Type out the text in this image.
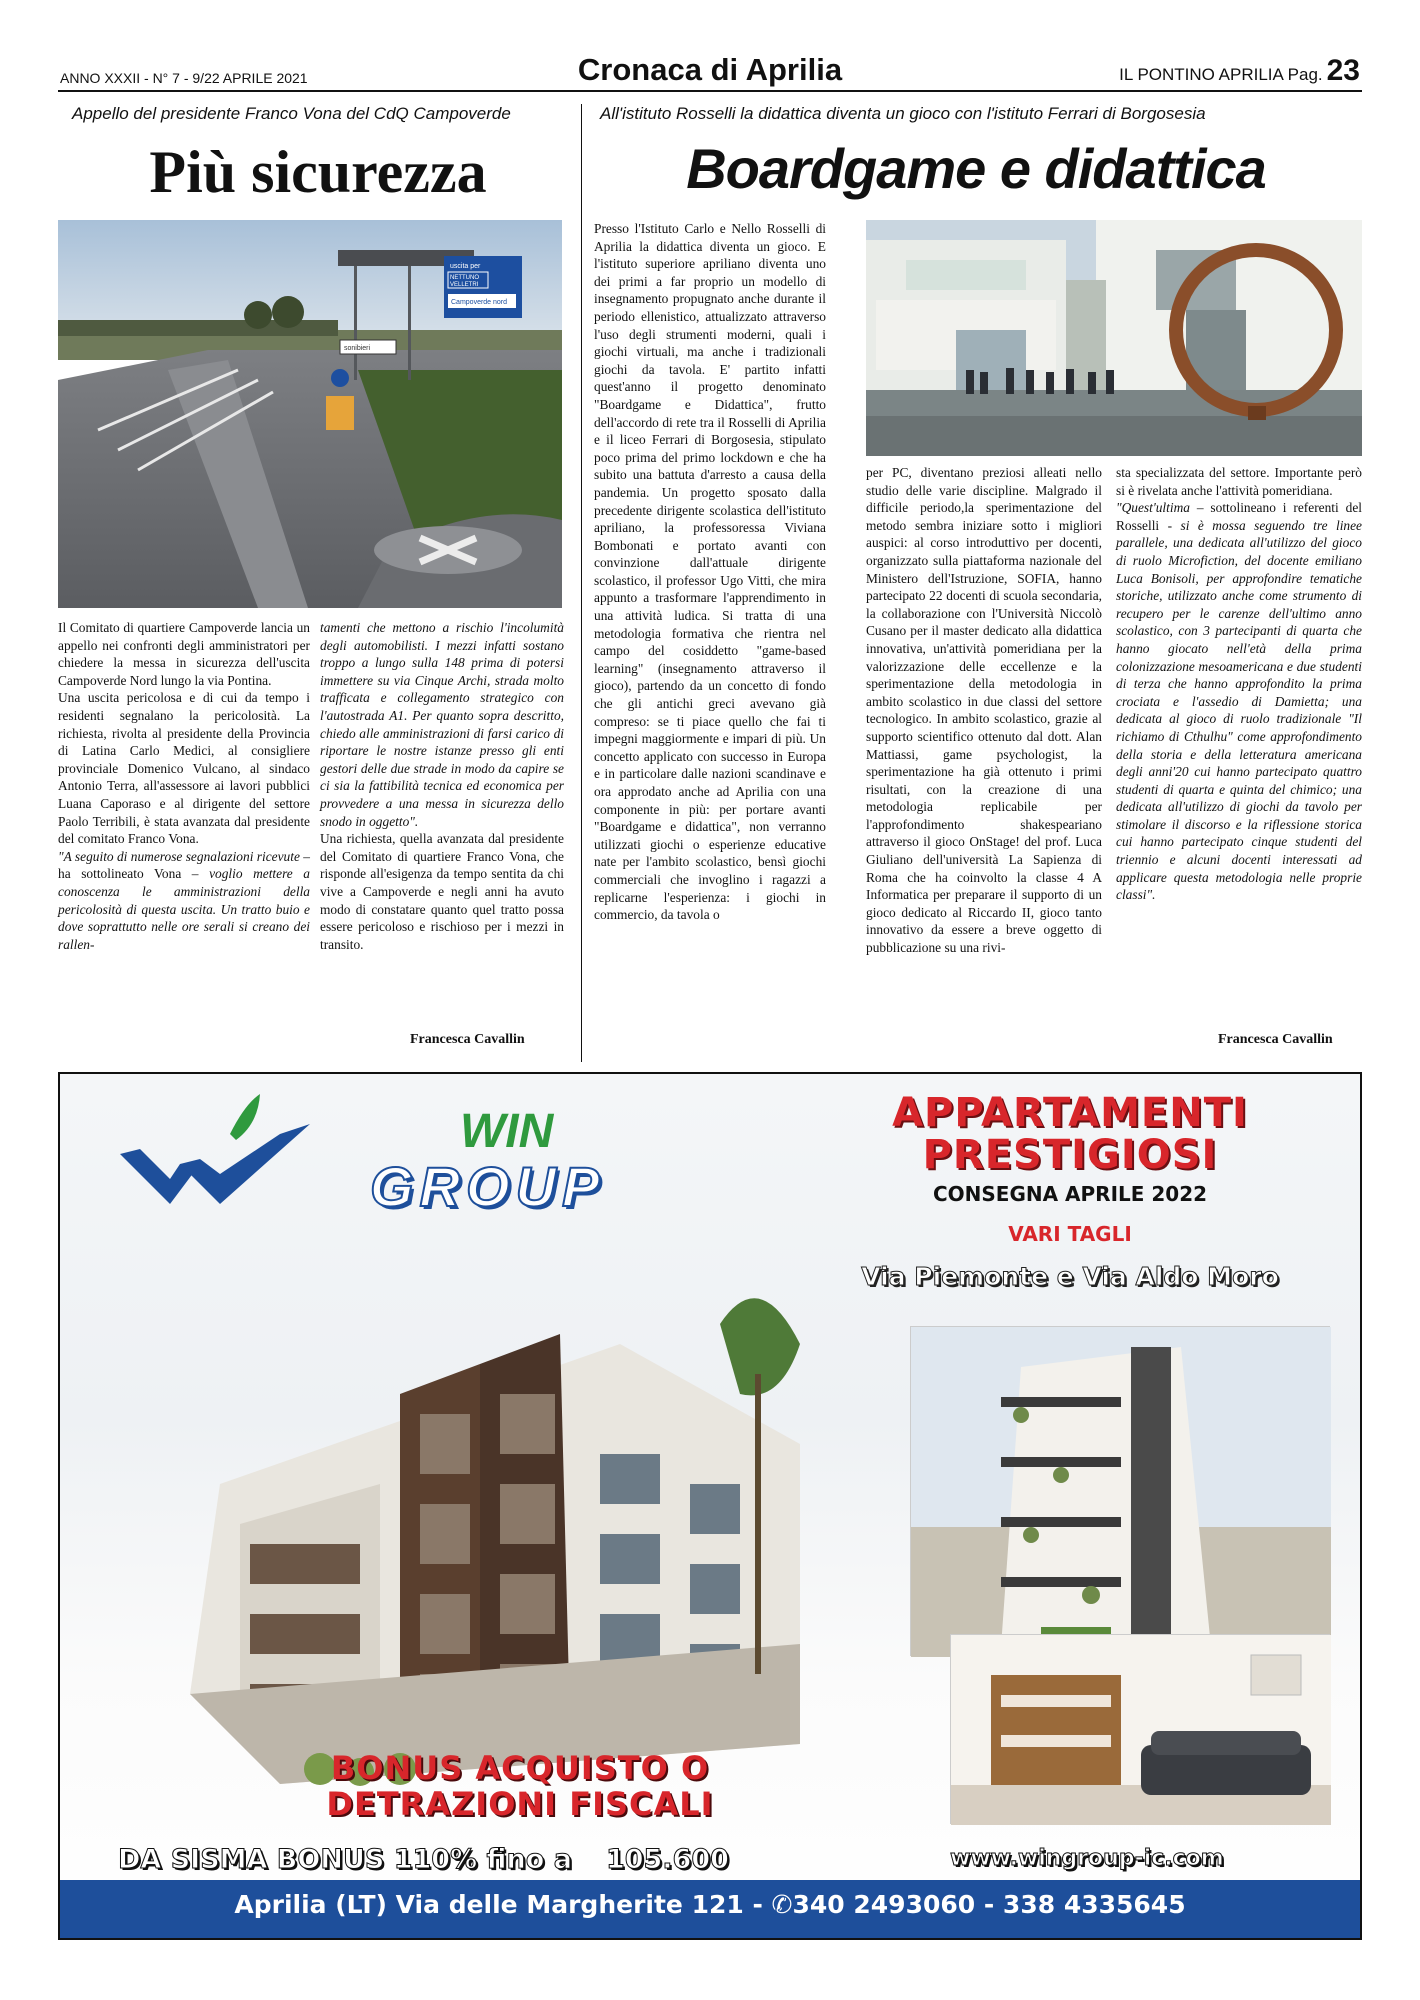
ANNO XXXII - N° 7 - 9/22 APRILE 2021	Cronaca di Aprilia	IL PONTINO APRILIA Pag. 23
Appello del presidente Franco Vona del CdQ Campoverde
Più sicurezza
uscita per
NETTUNO
VELLETRI
Campoverde nord
sonibieri

Il Comitato di quartiere Campoverde lancia un appello nei confronti degli amministratori per chiedere la messa in sicurezza dell'uscita Campoverde Nord lungo la via Pontina.

Una uscita pericolosa e di cui da tempo i residenti segnalano la pericolosità. La richiesta, rivolta al presidente della Provincia di Latina Carlo Medici, al consigliere provinciale Domenico Vulcano, al sindaco Antonio Terra, all'assessore ai lavori pubblici Luana Caporaso e al dirigente del settore Paolo Terribili, è stata avanzata dal presidente del comitato Franco Vona.

"A seguito di numerose segnalazioni ricevute – ha sottolineato Vona – voglio mettere a conoscenza le amministrazioni della pericolosità di questa uscita. Un tratto buio e dove soprattutto nelle ore serali si creano dei rallen-

tamenti che mettono a rischio l'incolumità degli automobilisti. I mezzi infatti sostano troppo a lungo sulla 148 prima di potersi immettere su via Cinque Archi, strada molto trafficata e collegamento strategico con l'autostrada A1. Per quanto sopra descritto, chiedo alle amministrazioni di farsi carico di riportare le nostre istanze presso gli enti gestori delle due strade in modo da capire se ci sia la fattibilità tecnica ed economica per provvedere a una messa in sicurezza dello snodo in oggetto".

Una richiesta, quella avanzata dal presidente del Comitato di quartiere Franco Vona, che risponde all'esigenza da tempo sentita da chi vive a Campoverde e negli anni ha avuto modo di constatare quanto quel tratto possa essere pericoloso e rischioso per i mezzi in transito.

Francesca Cavallin
All'istituto Rosselli la didattica diventa un gioco con l'istituto Ferrari di Borgosesia
Boardgame e didattica

Presso l'Istituto Carlo e Nello Rosselli di Aprilia la didattica diventa un gioco. E l'istituto superiore apriliano diventa uno dei primi a far proprio un modello di insegnamento propugnato anche durante il periodo ellenistico, attualizzato attraverso l'uso degli strumenti moderni, quali i giochi virtuali, ma anche i tradizionali giochi da tavola. E' partito infatti quest'anno il progetto denominato "Boardgame e Didattica", frutto dell'accordo di rete tra il Rosselli di Aprilia e il liceo Ferrari di Borgosesia, stipulato poco prima del primo lockdown e che ha subito una battuta d'arresto a causa della pandemia. Un progetto sposato dalla precedente dirigente scolastica dell'istituto apriliano, la professoressa Viviana Bombonati e portato avanti con convinzione dall'attuale dirigente scolastico, il professor Ugo Vitti, che mira appunto a trasformare l'apprendimento in una attività ludica. Si tratta di una metodologia formativa che rientra nel campo del cosiddetto "game-based learning" (insegnamento attraverso il gioco), partendo da un concetto di fondo che gli antichi greci avevano già compreso: se ti piace quello che fai ti impegni maggiormente e impari di più. Un concetto applicato con successo in Europa e in particolare dalle nazioni scandinave e ora approdato anche ad Aprilia con una componente in più: per portare avanti "Boardgame e didattica", non verranno utilizzati giochi o esperienze educative nate per l'ambito scolastico, bensì giochi commerciali che invoglino i ragazzi a replicarne l'esperienza: i giochi in commercio, da tavola o

per PC, diventano preziosi alleati nello studio delle varie discipline. Malgrado il difficile periodo,la sperimentazione del metodo sembra iniziare sotto i migliori auspici: al corso introduttivo per docenti, organizzato sulla piattaforma nazionale del Ministero dell'Istruzione, SOFIA, hanno partecipato 22 docenti di scuola secondaria, la collaborazione con l'Università Niccolò Cusano per il master dedicato alla didattica innovativa, un'attività pomeridiana per la valorizzazione delle eccellenze e la sperimentazione della metodologia in ambito scolastico in due classi del settore tecnologico. In ambito scolastico, grazie al supporto scientifico ottenuto dal dott. Alan Mattiassi, game psychologist, la sperimentazione ha già ottenuto i primi risultati, con la creazione di una metodologia replicabile per l'approfondimento shakespeariano attraverso il gioco OnStage! del prof. Luca Giuliano dell'università La Sapienza di Roma che ha coinvolto la classe 4 A Informatica per preparare il supporto di un gioco dedicato al Riccardo II, gioco tanto innovativo da essere a breve oggetto di pubblicazione su una rivi-

sta specializzata del settore. Importante però si è rivelata anche l'attività pomeridiana.

"Quest'ultima – sottolineano i referenti del Rosselli - si è mossa seguendo tre linee parallele, una dedicata all'utilizzo del gioco di ruolo Microfiction, del docente emiliano Luca Bonisoli, per approfondire tematiche storiche, utilizzato anche come strumento di recupero per le carenze dell'ultimo anno scolastico, con 3 partecipanti di quarta che hanno giocato nell'età della prima colonizzazione mesoamericana e due studenti di terza che hanno approfondito la prima crociata e l'assedio di Damietta; una dedicata al gioco di ruolo tradizionale "Il richiamo di Cthulhu" come approfondimento della storia e della letteratura americana degli anni'20 cui hanno partecipato quattro studenti di quarta e quinta del chimico; una dedicata all'utilizzo di giochi da tavolo per stimolare il discorso e la riflessione storica cui hanno partecipato cinque studenti del triennio e alcuni docenti interessati ad applicare questa metodologia nelle proprie classi".

Francesca Cavallin
WIN
GROUP
APPARTAMENTI PRESTIGIOSI
CONSEGNA APRILE 2022
VARI TAGLI
Via Piemonte e Via Aldo Moro
BONUS ACQUISTO O
DETRAZIONI FISCALI
DA SISMA BONUS 110% fino a 105.600	www.wingroup-ic.com
Aprilia (LT) Via delle Margherite 121 - ✆340 2493060 - 338 4335645
